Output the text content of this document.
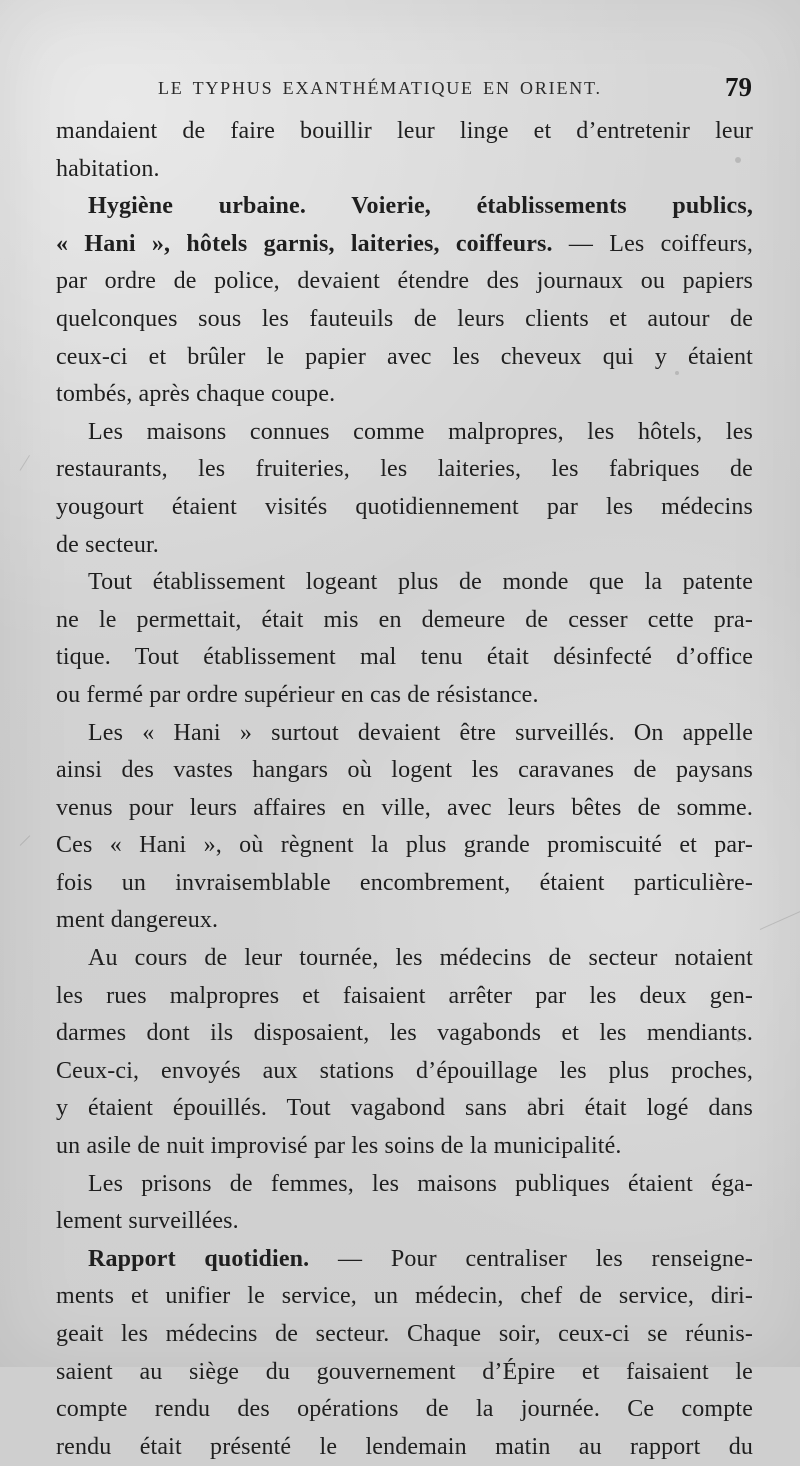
LE TYPHUS EXANTHÉMATIQUE EN ORIENT.	79
mandaient de faire bouillir leur linge et d’entretenir leur
habitation.
Hygiène urbaine. Voierie, établissements publics,
« Hani », hôtels garnis, laiteries, coiffeurs. — Les coiffeurs,
par ordre de police, devaient étendre des journaux ou papiers
quelconques sous les fauteuils de leurs clients et autour de
ceux-ci et brûler le papier avec les cheveux qui y étaient
tombés, après chaque coupe.
Les maisons connues comme malpropres, les hôtels, les
restaurants, les fruiteries, les laiteries, les fabriques de
yougourt étaient visités quotidiennement par les médecins
de secteur.
Tout établissement logeant plus de monde que la patente
ne le permettait, était mis en demeure de cesser cette pra-
tique. Tout établissement mal tenu était désinfecté d’office
ou fermé par ordre supérieur en cas de résistance.
Les « Hani » surtout devaient être surveillés. On appelle
ainsi des vastes hangars où logent les caravanes de paysans
venus pour leurs affaires en ville, avec leurs bêtes de somme.
Ces « Hani », où règnent la plus grande promiscuité et par-
fois un invraisemblable encombrement, étaient particulière-
ment dangereux.
Au cours de leur tournée, les médecins de secteur notaient
les rues malpropres et faisaient arrêter par les deux gen-
darmes dont ils disposaient, les vagabonds et les mendiants.
Ceux-ci, envoyés aux stations d’épouillage les plus proches,
y étaient épouillés. Tout vagabond sans abri était logé dans
un asile de nuit improvisé par les soins de la municipalité.
Les prisons de femmes, les maisons publiques étaient éga-
lement surveillées.
Rapport quotidien. — Pour centraliser les renseigne-
ments et unifier le service, un médecin, chef de service, diri-
geait les médecins de secteur. Chaque soir, ceux-ci se réunis-
saient au siège du gouvernement d’Épire et faisaient le
compte rendu des opérations de la journée. Ce compte
rendu était présenté le lendemain matin au rapport du
